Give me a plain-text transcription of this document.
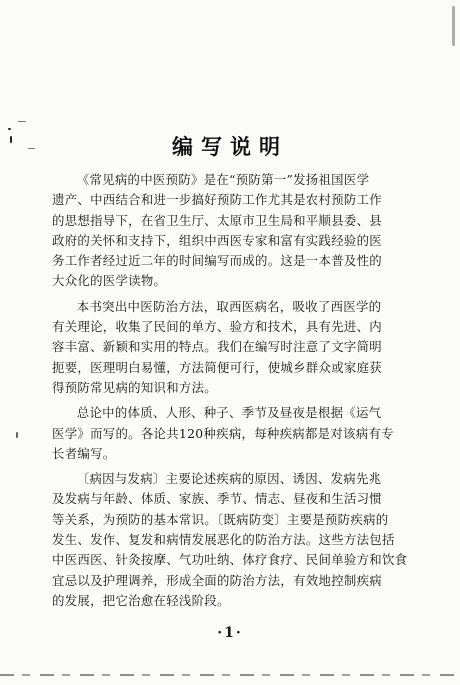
编写说明

《常见病的中医预防》是在“预防第一”发扬祖国医学
遗产、中西结合和进一步搞好预防工作尤其是农村预防工作
的思想指导下，在省卫生厅、太原市卫生局和平顺县委、县
政府的关怀和支持下，组织中西医专家和富有实践经验的医
务工作者经过近二年的时间编写而成的。这是一本普及性的
大众化的医学读物。

本书突出中医防治方法，取西医病名，吸收了西医学的
有关理论，收集了民间的单方、验方和技术，具有先进、内
容丰富、新颖和实用的特点。我们在编写时注意了文字简明
扼要，医理明白易懂，方法简便可行，使城乡群众或家庭获
得预防常见病的知识和方法。

总论中的体质、人形、种子、季节及昼夜是根据《运气
医学》而写的。各论共120种疾病，每种疾病都是对该病有专
长者编写。

〔病因与发病〕主要论述疾病的原因、诱因、发病先兆
及发病与年龄、体质、家族、季节、情志、昼夜和生活习惯
等关系，为预防的基本常识。〔既病防变〕主要是预防疾病的
发生、发作、复发和病情发展恶化的防治方法。这些方法包括
中医西医、针灸按摩、气功吐纳、体疗食疗、民间单验方和饮食
宜忌以及护理调养，形成全面的防治方法，有效地控制疾病
的发展，把它治愈在轻浅阶段。

·1·
